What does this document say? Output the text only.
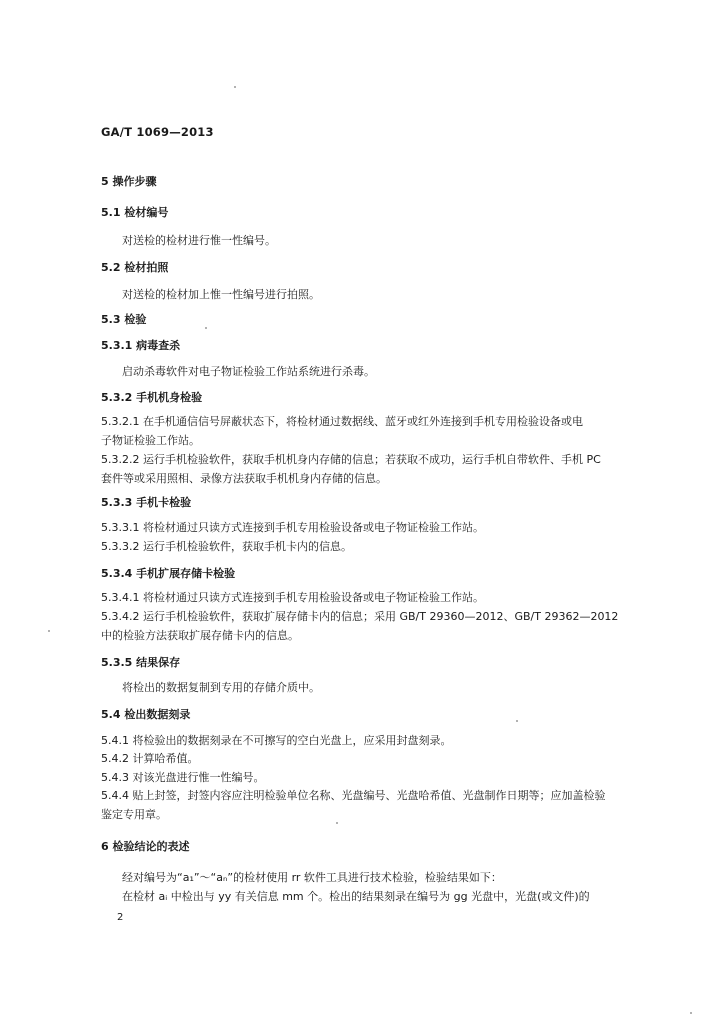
GA/T 1069—2013
5 操作步骤
5.1 检材编号
对送检的检材进行惟一性编号。
5.2 检材拍照
对送检的检材加上惟一性编号进行拍照。
5.3 检验
5.3.1 病毒查杀
启动杀毒软件对电子物证检验工作站系统进行杀毒。
5.3.2 手机机身检验
5.3.2.1 在手机通信信号屏蔽状态下，将检材通过数据线、蓝牙或红外连接到手机专用检验设备或电
子物证检验工作站。
5.3.2.2 运行手机检验软件，获取手机机身内存储的信息；若获取不成功，运行手机自带软件、手机 PC
套件等或采用照相、录像方法获取手机机身内存储的信息。
5.3.3 手机卡检验
5.3.3.1 将检材通过只读方式连接到手机专用检验设备或电子物证检验工作站。
5.3.3.2 运行手机检验软件，获取手机卡内的信息。
5.3.4 手机扩展存储卡检验
5.3.4.1 将检材通过只读方式连接到手机专用检验设备或电子物证检验工作站。
5.3.4.2 运行手机检验软件，获取扩展存储卡内的信息；采用 GB/T 29360—2012、GB/T 29362—2012
中的检验方法获取扩展存储卡内的信息。
5.3.5 结果保存
将检出的数据复制到专用的存储介质中。
5.4 检出数据刻录
5.4.1 将检验出的数据刻录在不可擦写的空白光盘上，应采用封盘刻录。
5.4.2 计算哈希值。
5.4.3 对该光盘进行惟一性编号。
5.4.4 贴上封签，封签内容应注明检验单位名称、光盘编号、光盘哈希值、光盘制作日期等；应加盖检验
鉴定专用章。
6 检验结论的表述
经对编号为“a₁”～“aₙ”的检材使用 rr 软件工具进行技术检验，检验结果如下：
在检材 aᵢ 中检出与 yy 有关信息 mm 个。检出的结果刻录在编号为 gg 光盘中，光盘(或文件)的
2
